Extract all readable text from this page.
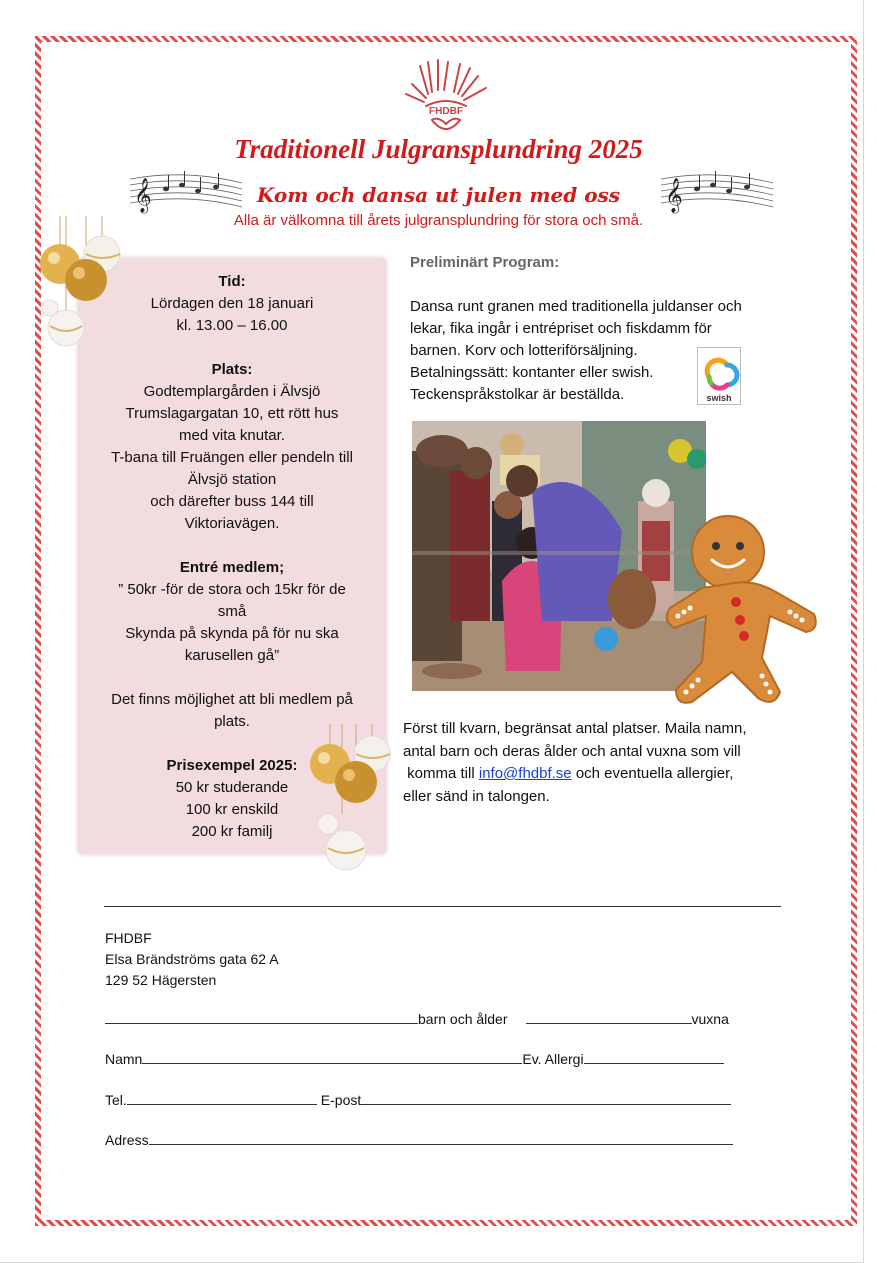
FHDBF
Traditionell Julgransplundring 2025
𝄞	Kom och dansa ut julen med oss	𝄞
Alla är välkomna till årets julgransplundring för stora och små.
Tid:
Lördagen den 18 januari
kl. 13.00 – 16.00
Plats:
Godtemplargården i Älvsjö
Trumslagargatan 10, ett rött hus
med vita knutar.
T-bana till Fruängen eller pendeln till
Älvsjö station
och därefter buss 144 till
Viktoriavägen.
Entré medlem;
” 50kr -för de stora och 15kr för de
små
Skynda på skynda på för nu ska
karusellen gå”
Det finns möjlighet att bli medlem på
plats.
Prisexempel 2025:
50 kr studerande
100 kr enskild
200 kr familj
Preliminärt Program:
Dansa runt granen med traditionella juldanser och
lekar, fika ingår i entrépriset och fiskdamm för
barnen. Korv och lotteriförsäljning.
Betalningssätt: kontanter eller swish.
Teckenspråkstolkar är beställda.	swish
Först till kvarn, begränsat antal platser. Maila namn,
antal barn och deras ålder och antal vuxna som vill
komma till info@fhdbf.se och eventuella allergier,
eller sänd in talongen.
FHDBF
Elsa Brändströms gata 62 A
129 52 Hägersten
barn och ålder	vuxna
Namn	Ev. Allergi
Tel.	E-post
Adress
